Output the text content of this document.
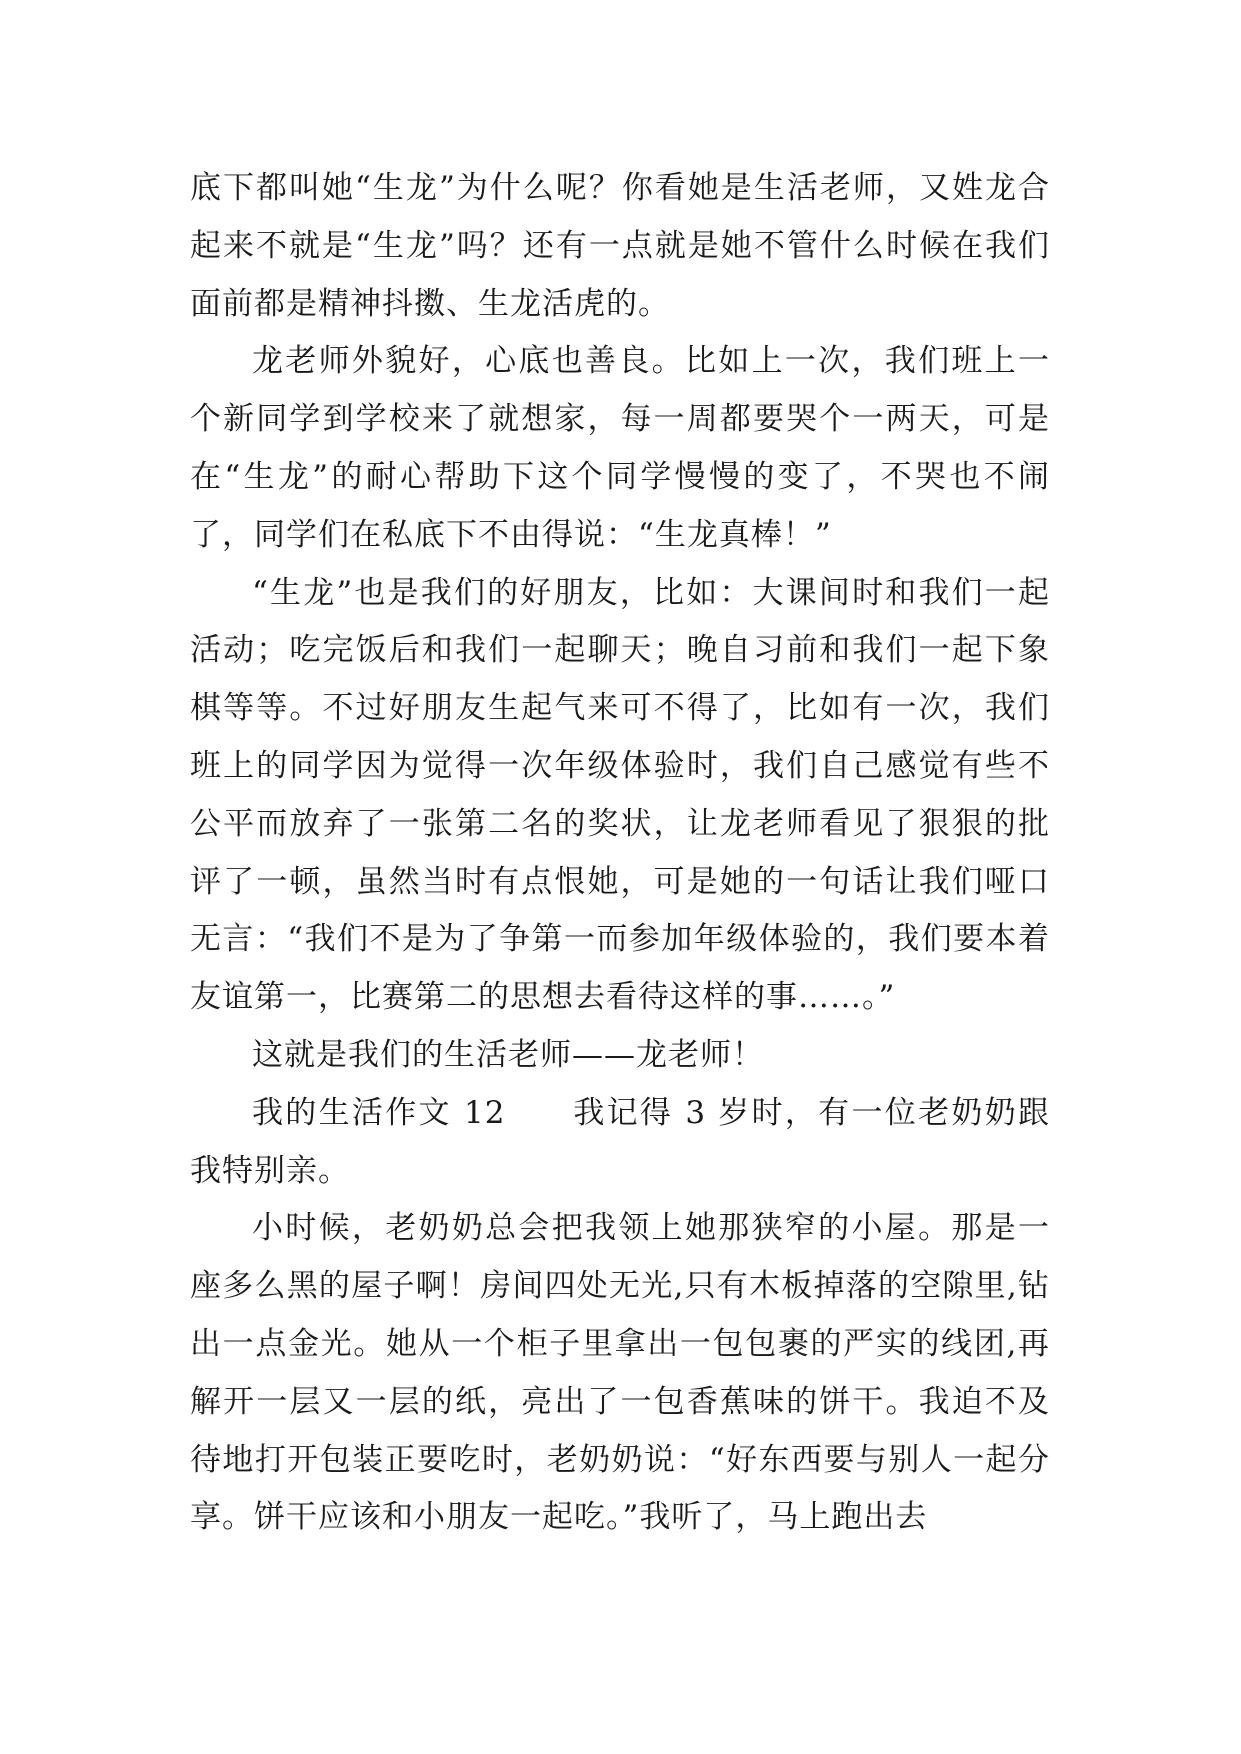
底下都叫她“生龙”为什么呢？你看她是生活老师，又姓龙合起来不就是“生龙”吗？还有一点就是她不管什么时候在我们面前都是精神抖擞、生龙活虎的。

龙老师外貌好，心底也善良。比如上一次，我们班上一个新同学到学校来了就想家，每一周都要哭个一两天，可是在“生龙”的耐心帮助下这个同学慢慢的变了，不哭也不闹了，同学们在私底下不由得说：“生龙真棒！”

“生龙”也是我们的好朋友，比如：大课间时和我们一起活动；吃完饭后和我们一起聊天；晚自习前和我们一起下象棋等等。不过好朋友生起气来可不得了，比如有一次，我们班上的同学因为觉得一次年级体验时，我们自己感觉有些不公平而放弃了一张第二名的奖状，让龙老师看见了狠狠的批评了一顿，虽然当时有点恨她，可是她的一句话让我们哑口无言：“我们不是为了争第一而参加年级体验的，我们要本着友谊第一，比赛第二的思想去看待这样的事……。”

这就是我们的生活老师——龙老师！

我的生活作文 12　　我记得 3 岁时，有一位老奶奶跟我特别亲。

小时候，老奶奶总会把我领上她那狭窄的小屋。那是一座多么黑的屋子啊！房间四处无光,只有木板掉落的空隙里,钻出一点金光。她从一个柜子里拿出一包包裹的严实的线团,再解开一层又一层的纸，亮出了一包香蕉味的饼干。我迫不及待地打开包装正要吃时，老奶奶说：“好东西要与别人一起分享。饼干应该和小朋友一起吃。”我听了，马上跑出去
